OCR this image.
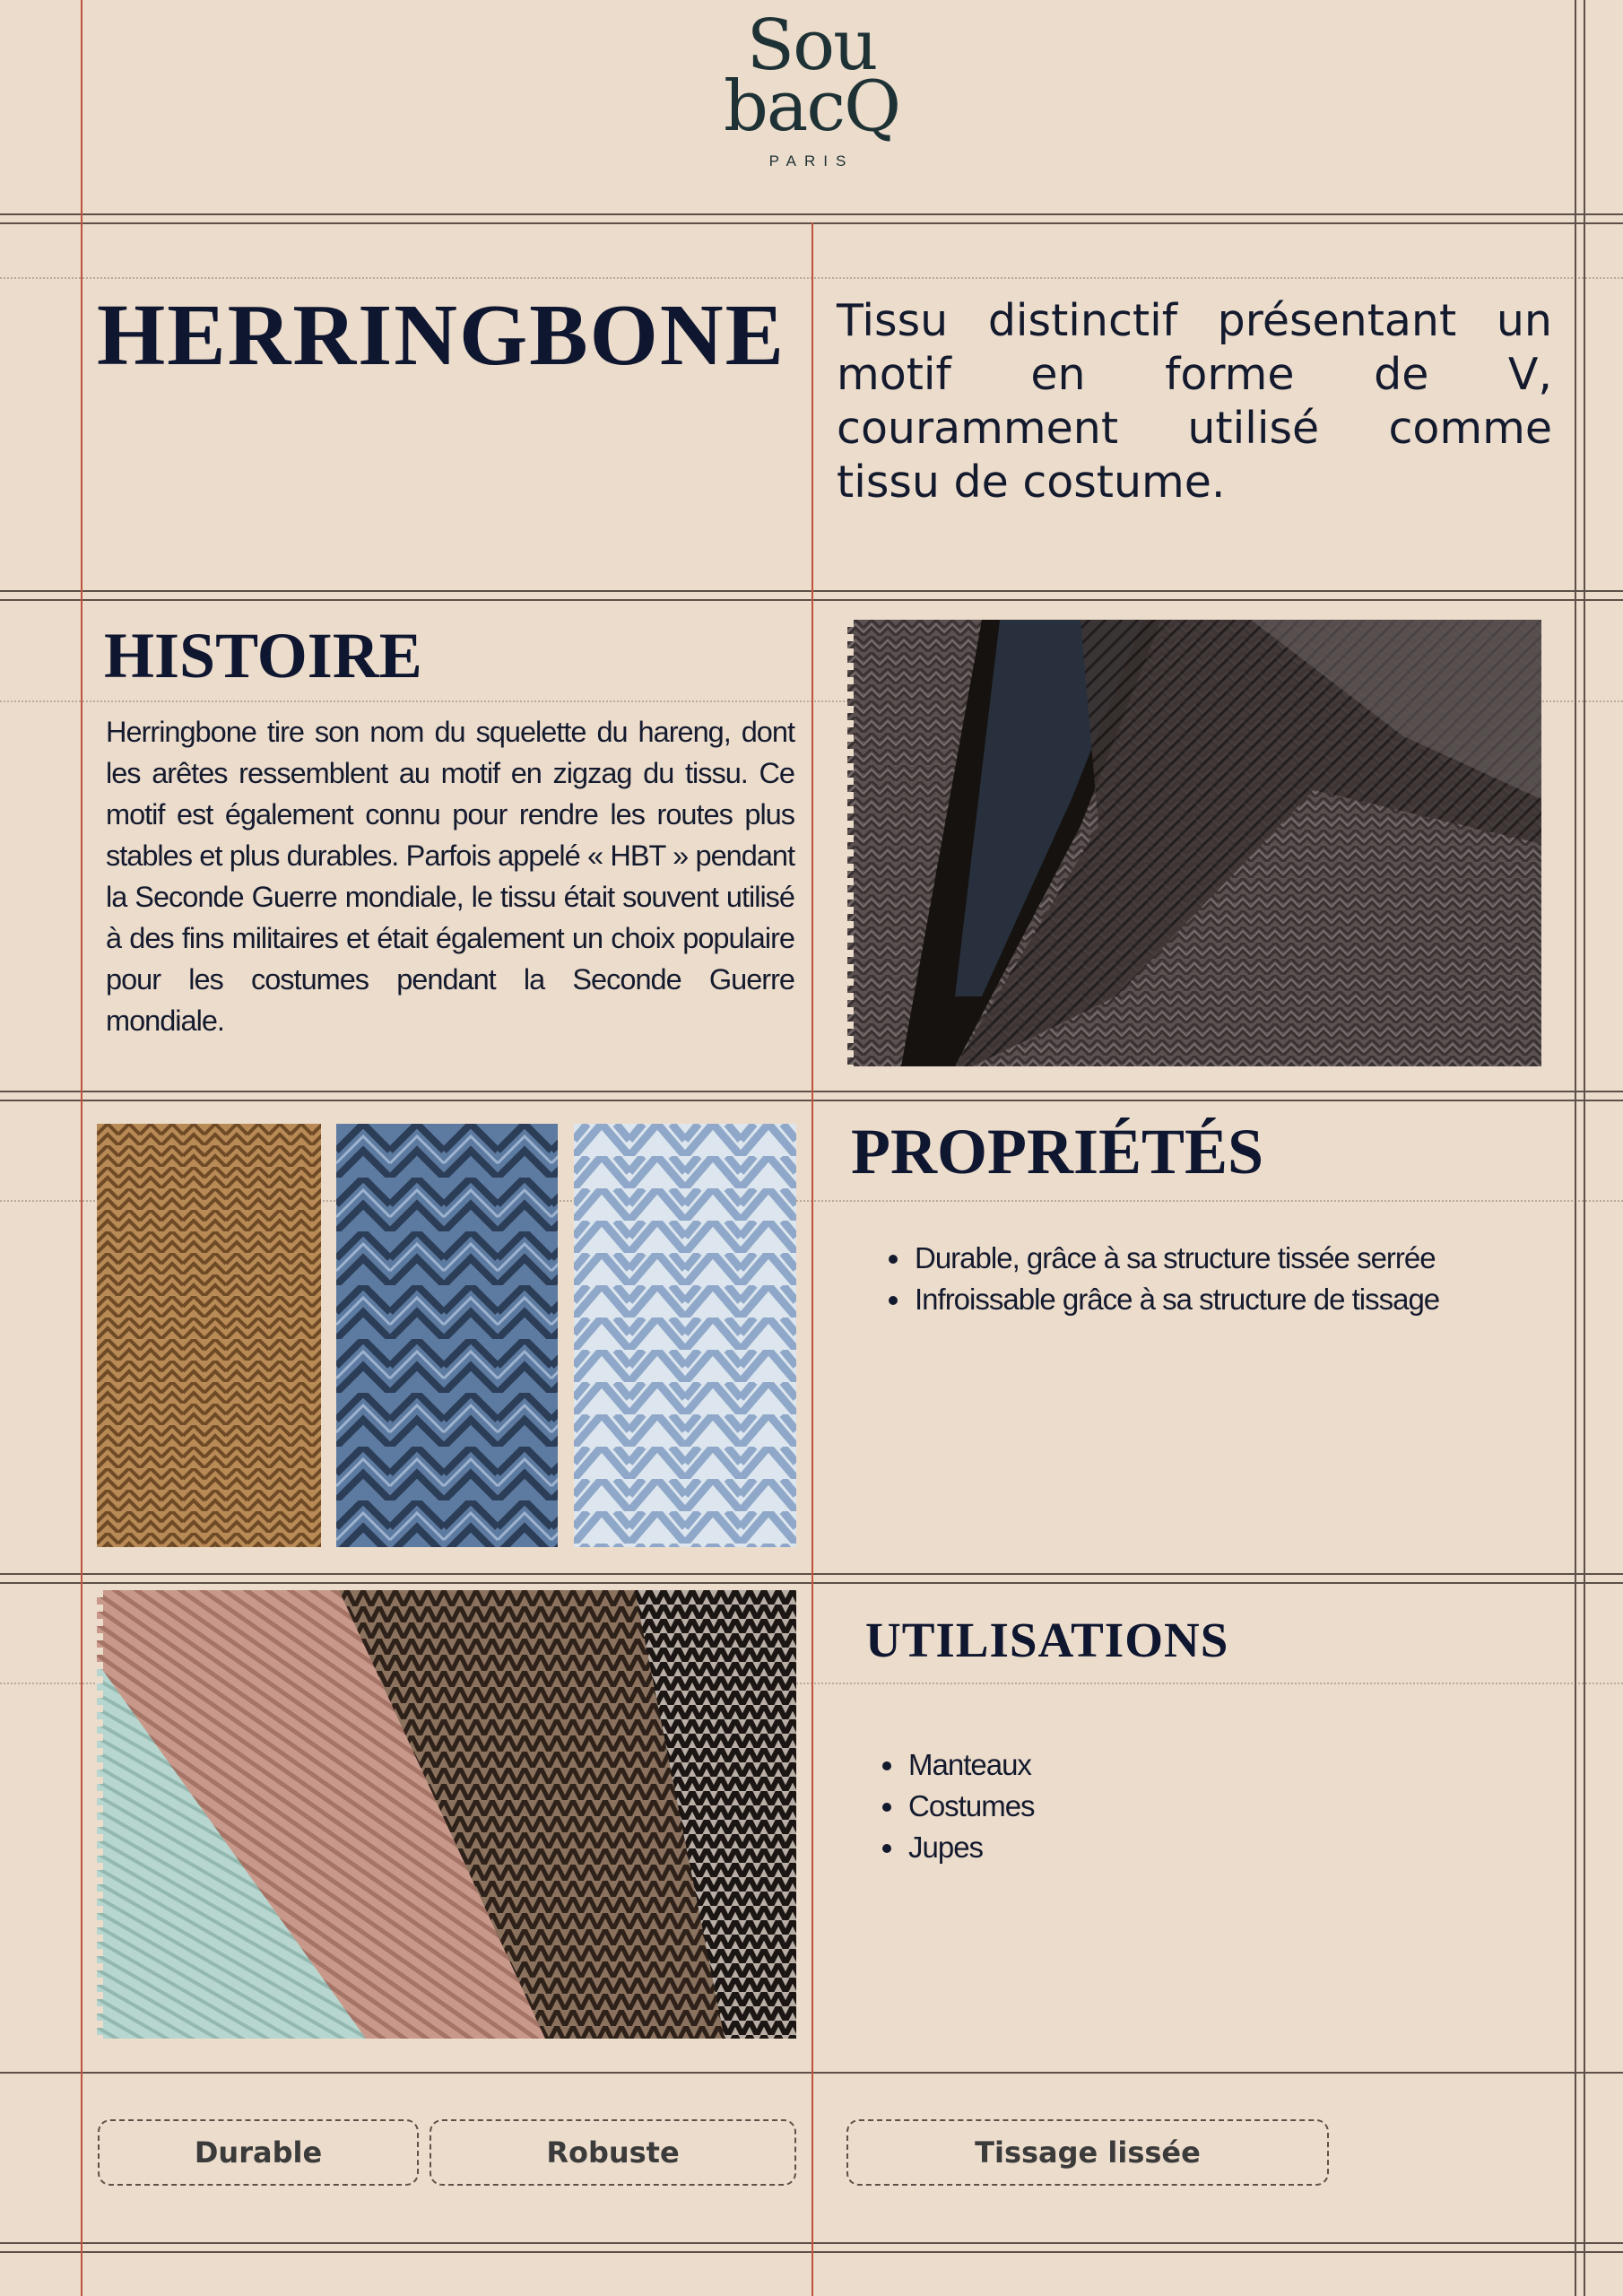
Sou
bacQ
PARIS
HERRINGBONE Tissu distinctif présentant un motif en forme de V, couramment utilisé comme tissu de costume.
HISTOIRE
Herringbone tire son nom du squelette du hareng, dont les arêtes ressemblent au motif en zigzag du tissu. Ce motif est également connu pour rendre les routes plus stables et plus durables. Parfois appelé « HBT » pendant la Seconde Guerre mondiale, le tissu était souvent utilisé à des fins militaires et était également un choix populaire pour les costumes pendant la Seconde Guerre mondiale.
PROPRIÉTÉS
• Durable, grâce à sa structure tissée serrée
• Infroissable grâce à sa structure de tissage
UTILISATIONS
• Manteaux
• Costumes
• Jupes
Durable	Robuste	Tissage lissée
